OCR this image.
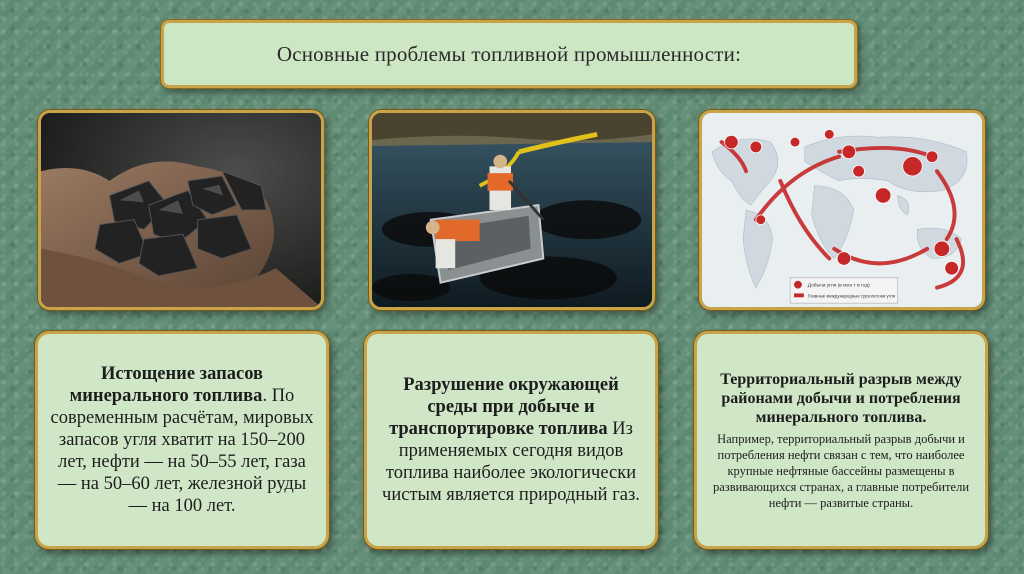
Основные проблемы топливной промышленности:
Добыча угля (в млн т в год)
Главные международные грузопотоки угля

Истощение запасов минерального топлива. По современным расчётам, мировых запасов угля хватит на 150–200 лет, нефти — на 50–55 лет, газа — на 50–60 лет, железной руды — на 100 лет.

Разрушение окружающей среды при добыче и транспортировке топлива Из применяемых сегодня видов топлива наиболее экологически чистым является природный газ.

Территориальный разрыв между районами добычи и потребления минерального топлива.

Например, территориальный разрыв добычи и потребления нефти связан с тем, что наиболее крупные нефтяные бассейны размещены в развивающихся странах, а главные потребители нефти — развитые страны.
